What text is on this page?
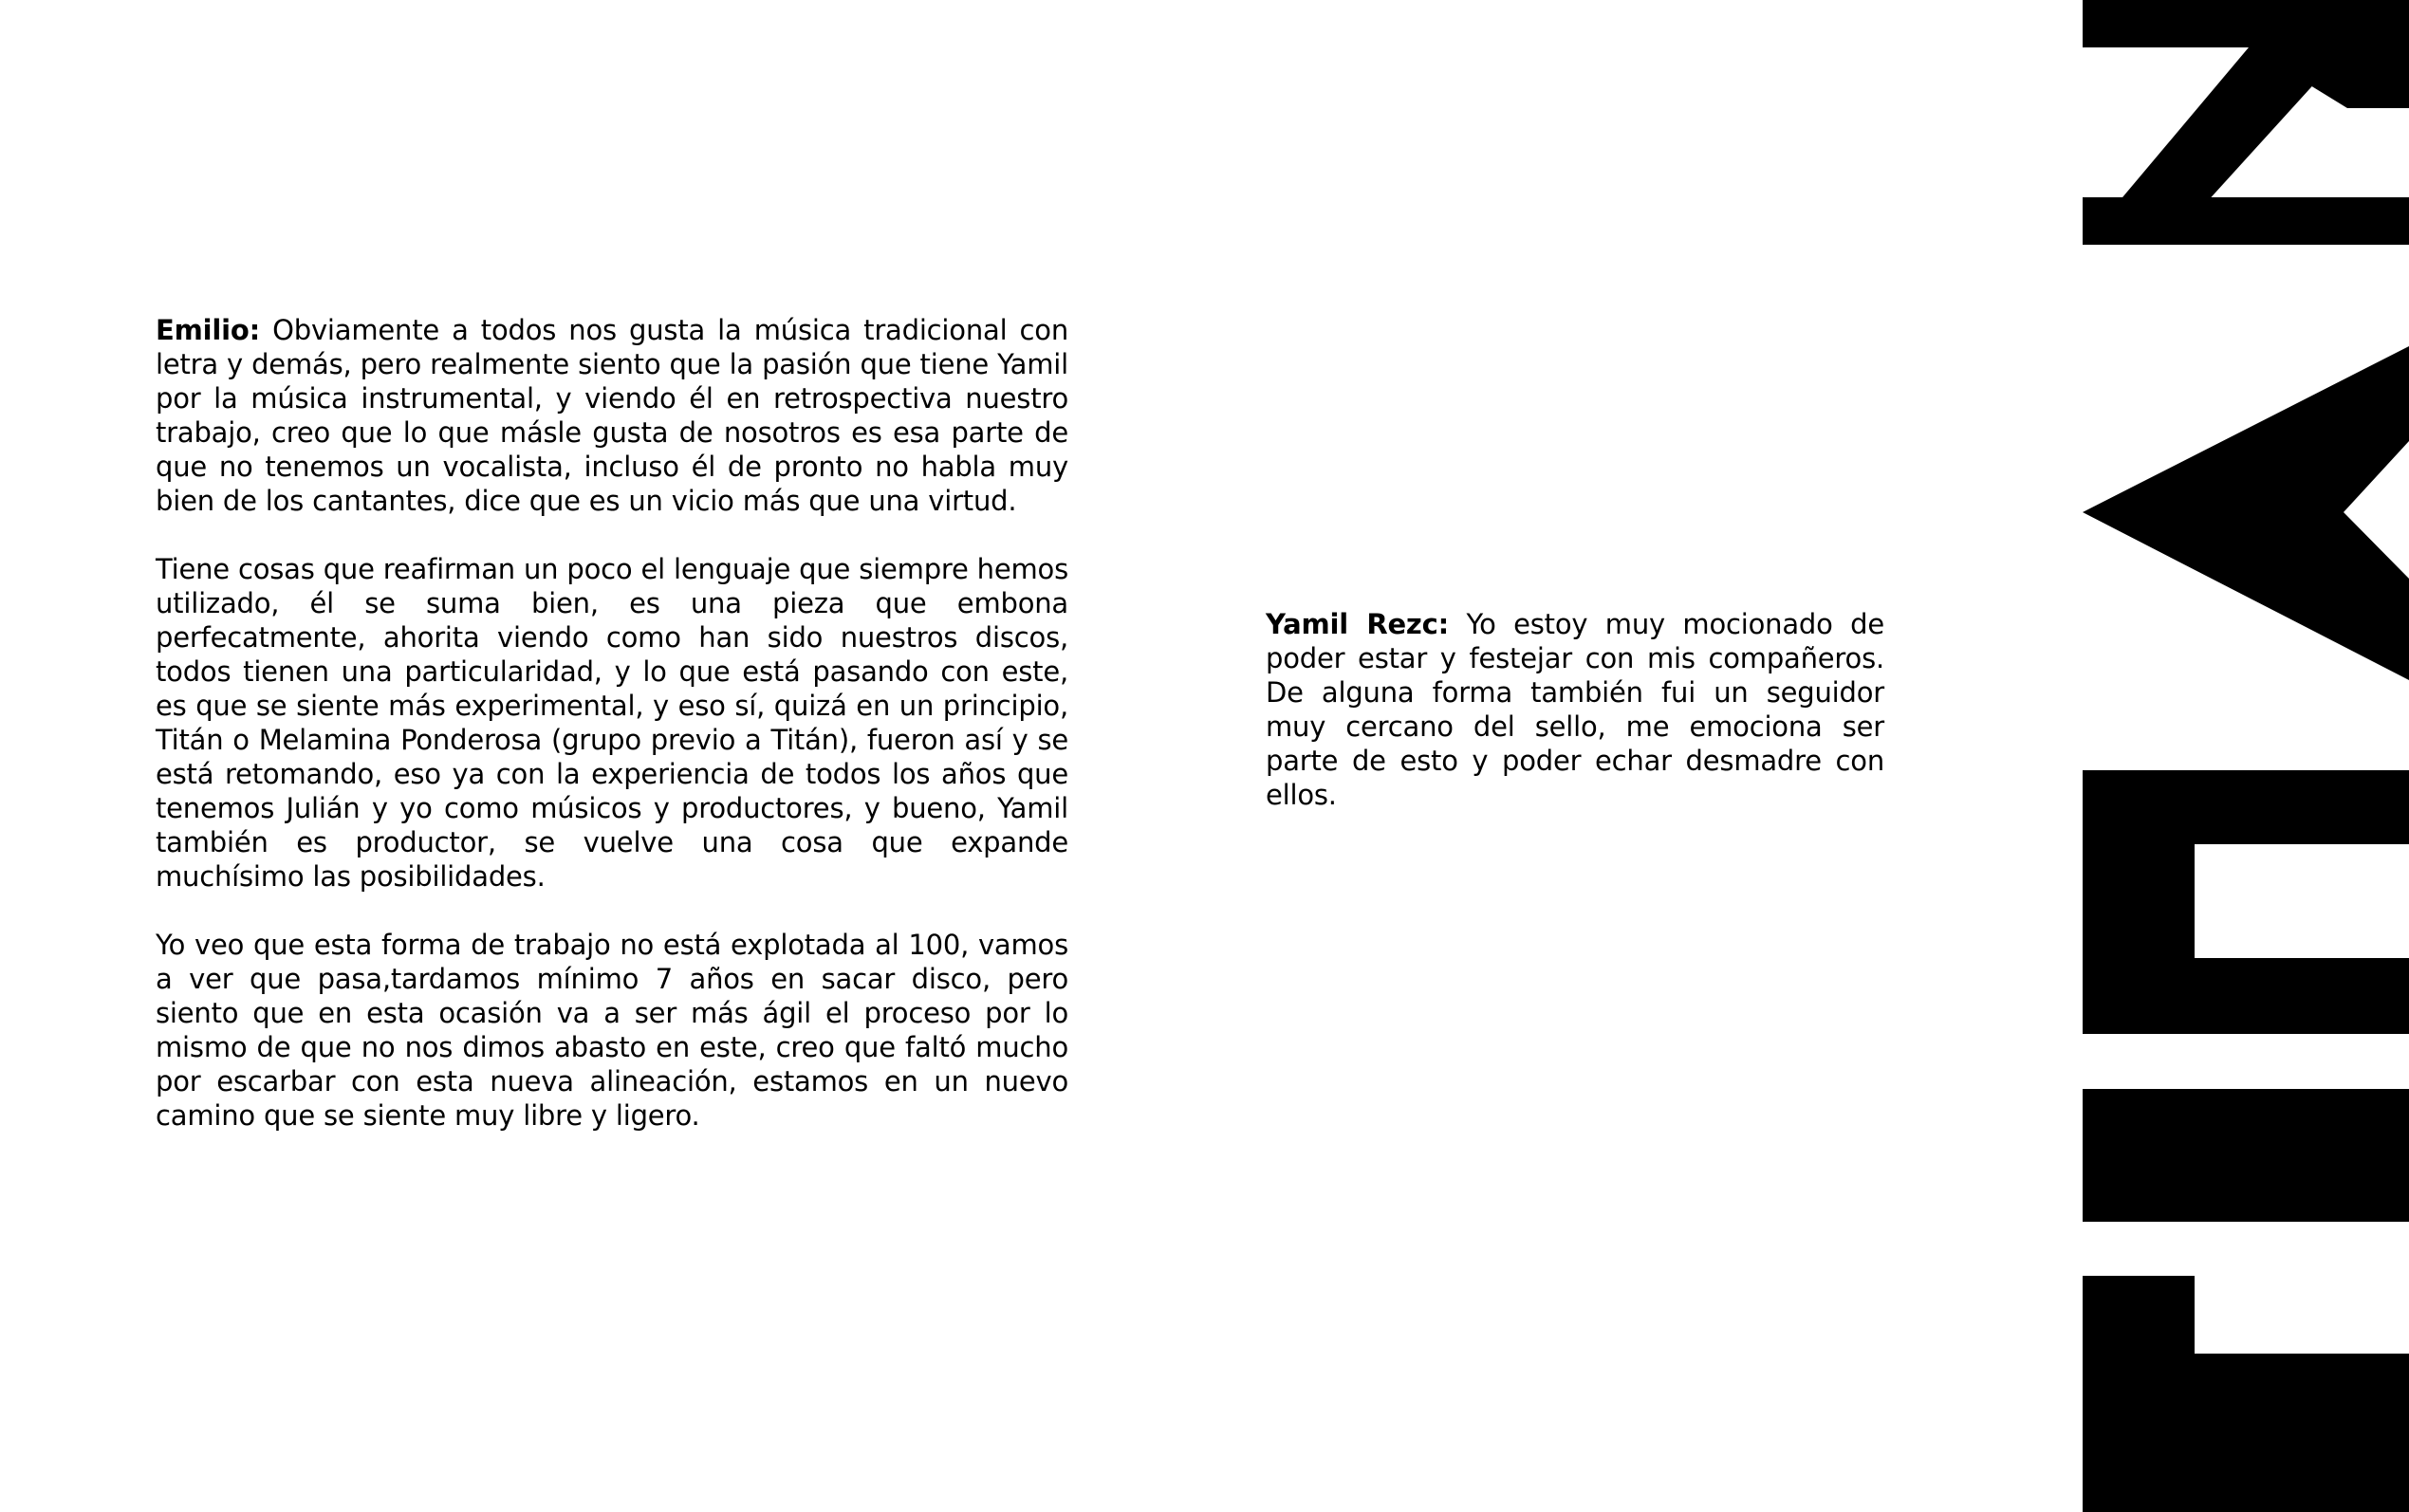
Emilio: Obviamente a todos nos gusta la música tradicional con letra y demás, pero realmente siento que la pasión que tiene Yamil por la música instrumental, y viendo él en retrospectiva nuestro trabajo, creo que lo que másle gusta de nosotros es esa parte de que no tenemos un vocalista, incluso él de pronto no habla muy bien de los cantantes, dice que es un vicio más que una virtud.

Tiene cosas que reafirman un poco el lenguaje que siempre hemos utilizado, él se suma bien, es una pieza que embona perfecatmente, ahorita viendo como han sido nuestros discos, todos tienen una particularidad, y lo que está pasando con este, es que se siente más experimental, y eso sí, quizá en un principio, Titán o Melamina Ponderosa (grupo previo a Titán), fueron así y se está retomando, eso ya con la experiencia de todos los años que tenemos Julián y yo como músicos y productores, y bueno, Yamil también es productor, se vuelve una cosa que expande muchísimo las posibilidades.

Yo veo que esta forma de trabajo no está explotada al 100, vamos a ver que pasa,tardamos mínimo 7 años en sacar disco, pero siento que en esta ocasión va a ser más ágil el proceso por lo mismo de que no nos dimos abasto en este, creo que faltó mucho por escarbar con esta nueva alineación, estamos en un nuevo camino que se siente muy libre y ligero.

Yamil Rezc: Yo estoy muy mocionado de poder estar y festejar con mis compañeros. De alguna forma también fui un seguidor muy cercano del sello, me emociona ser parte de esto y poder echar desmadre con ellos.
